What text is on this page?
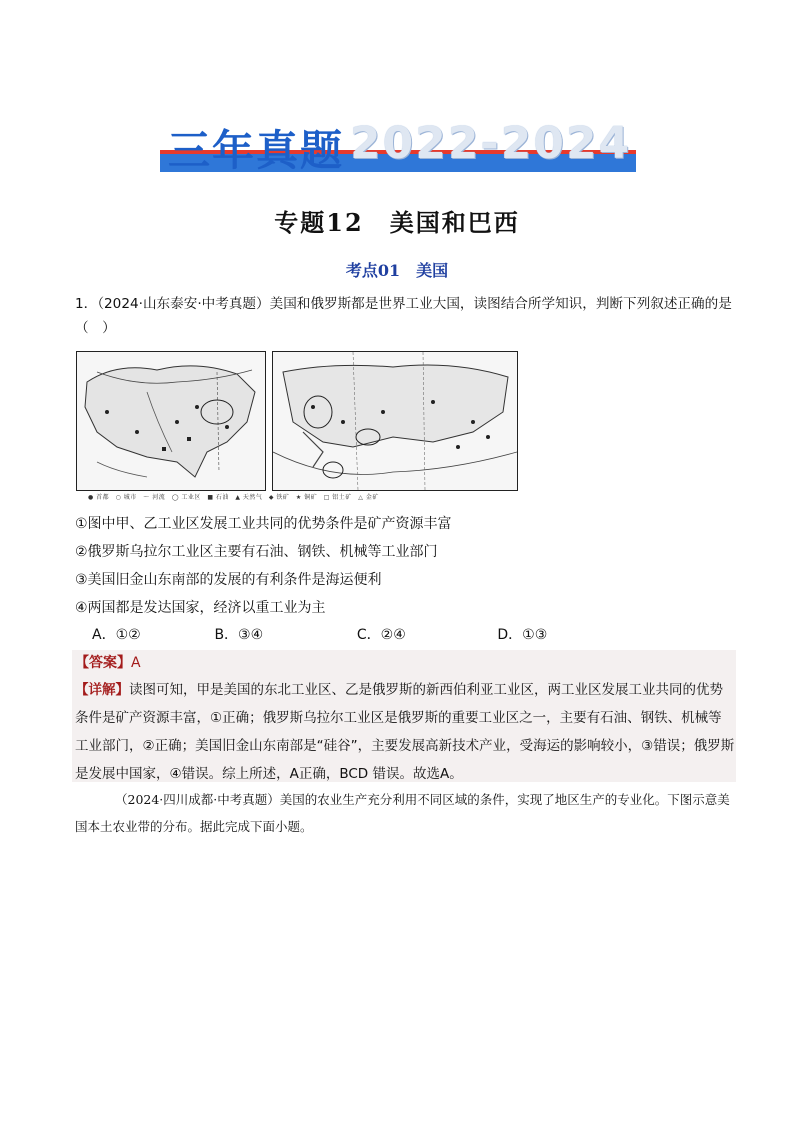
三年真题 2022-2024
专题12　美国和巴西
考点01　美国
1．（2024·山东泰安·中考真题）美国和俄罗斯都是世界工业大国，读图结合所学知识，判断下列叙述正确的是（　）
● 首都　○ 城市　～ 河流　◯ 工业区　■ 石油　▲ 天然气　◆ 铁矿　★ 铜矿　□ 铝土矿　△ 金矿
①图中甲、乙工业区发展工业共同的优势条件是矿产资源丰富
②俄罗斯乌拉尔工业区主要有石油、钢铁、机械等工业部门
③美国旧金山东南部的发展的有利条件是海运便利
④两国都是发达国家，经济以重工业为主
A．①②	B．③④	C．②④	D．①③
【答案】A
【详解】读图可知，甲是美国的东北工业区、乙是俄罗斯的新西伯利亚工业区，两工业区发展工业共同的优势条件是矿产资源丰富，①正确；俄罗斯乌拉尔工业区是俄罗斯的重要工业区之一，主要有石油、钢铁、机械等工业部门，②正确；美国旧金山东南部是“硅谷”，主要发展高新技术产业，受海运的影响较小，③错误；俄罗斯是发展中国家，④错误。综上所述，A正确，BCD 错误。故选A。
（2024·四川成都·中考真题）美国的农业生产充分利用不同区域的条件，实现了地区生产的专业化。下图示意美国本土农业带的分布。据此完成下面小题。
